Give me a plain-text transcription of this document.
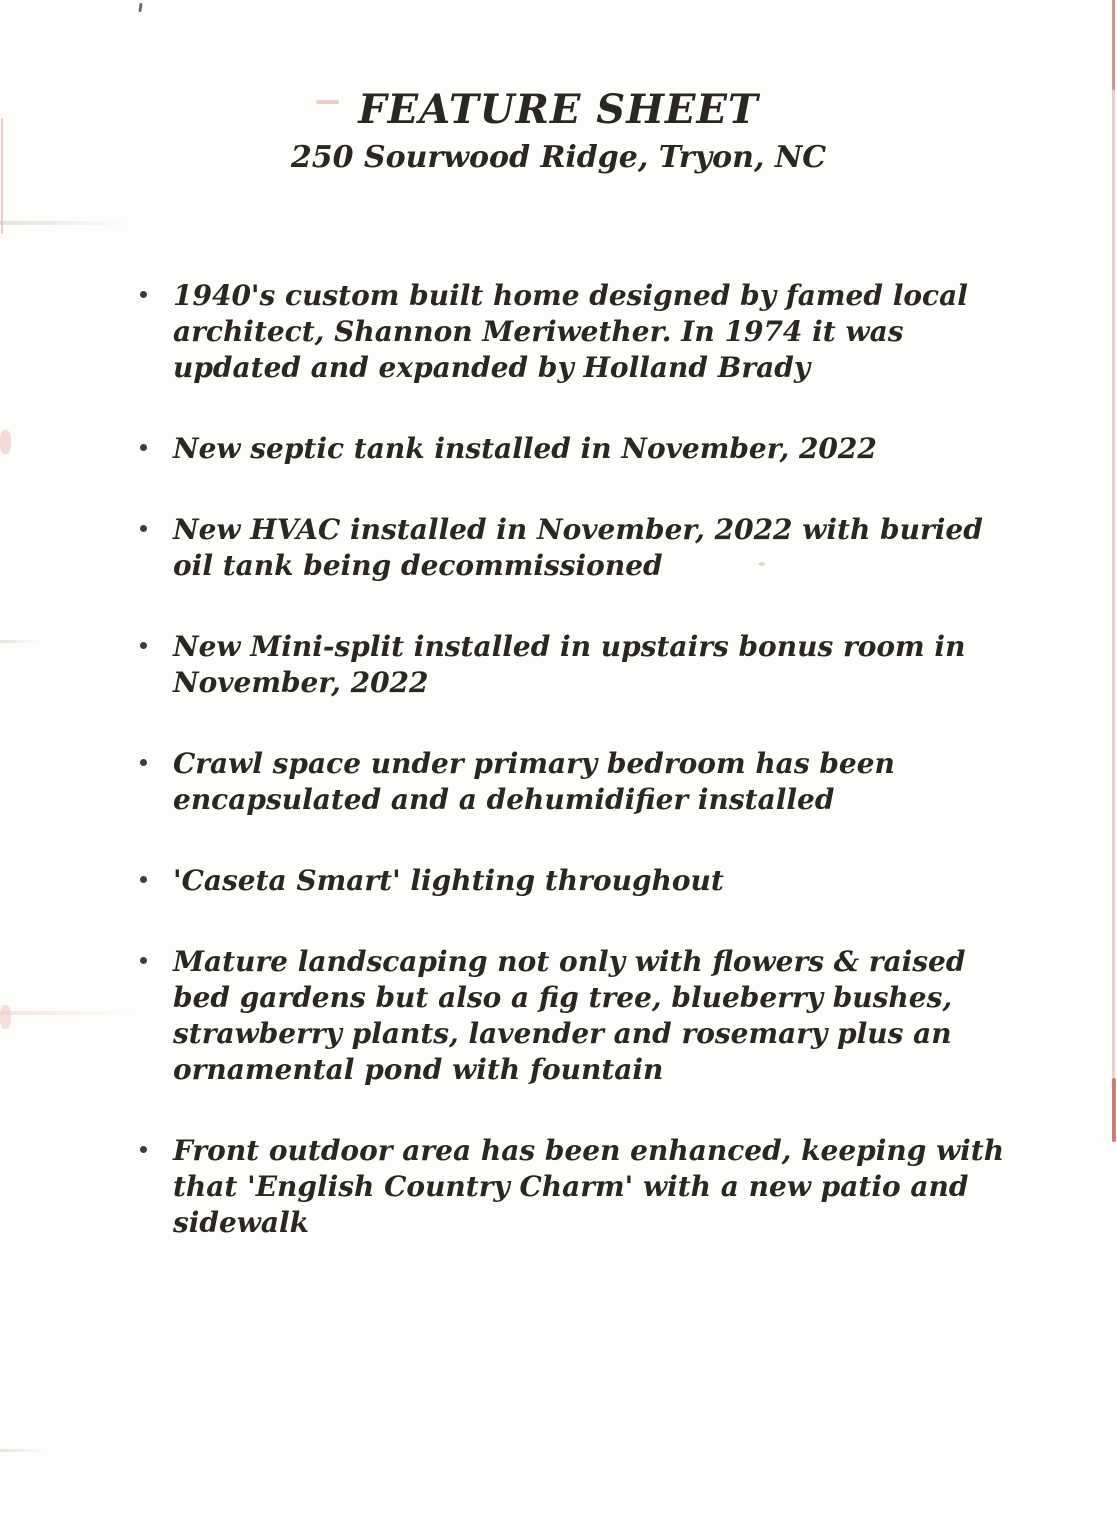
FEATURE SHEET

250 Sourwood Ridge, Tryon, NC

1940's custom built home designed by famed local architect, Shannon Meriwether. In 1974 it was updated and expanded by Holland Brady
New septic tank installed in November, 2022
New HVAC installed in November, 2022 with buried oil tank being decommissioned
New Mini-split installed in upstairs bonus room in November, 2022
Crawl space under primary bedroom has been encapsulated and a dehumidifier installed
'Caseta Smart' lighting throughout
Mature landscaping not only with flowers & raised bed gardens but also a fig tree, blueberry bushes, strawberry plants, lavender and rosemary plus an ornamental pond with fountain
Front outdoor area has been enhanced, keeping with that 'English Country Charm' with a new patio and sidewalk
